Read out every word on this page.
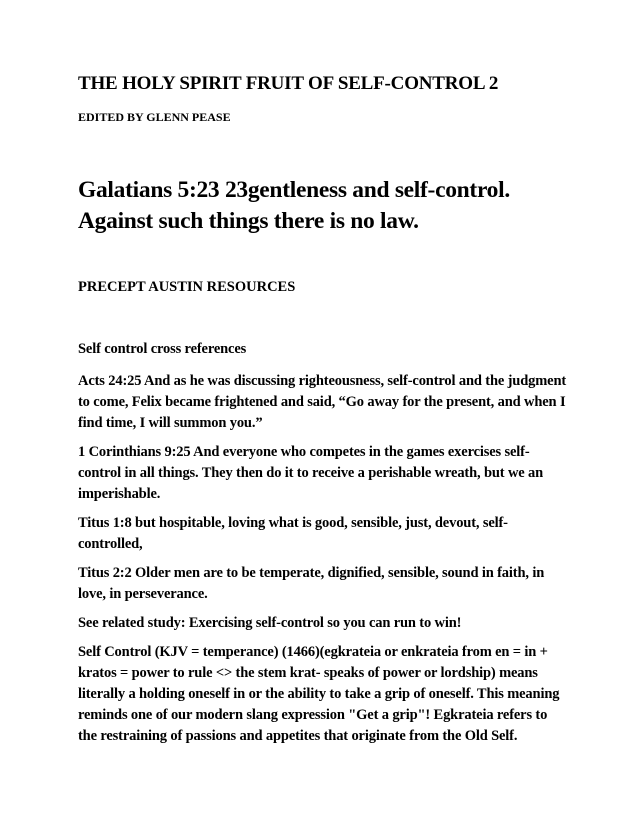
THE HOLY SPIRIT FRUIT OF SELF-CONTROL 2
EDITED BY GLENN PEASE
Galatians 5:23 23gentleness and self-control. Against such things there is no law.
PRECEPT AUSTIN RESOURCES

Self control cross references

Acts 24:25 And as he was discussing righteousness, self-control and the judgment to come, Felix became frightened and said, “Go away for the present, and when I find time, I will summon you.”

1 Corinthians 9:25 And everyone who competes in the games exercises self-control in all things. They then do it to receive a perishable wreath, but we an imperishable.

Titus 1:8 but hospitable, loving what is good, sensible, just, devout, self-controlled,

Titus 2:2 Older men are to be temperate, dignified, sensible, sound in faith, in love, in perseverance.

See related study: Exercising self-control so you can run to win!

Self Control (KJV = temperance) (1466)(egkrateia or enkrateia from en = in + kratos = power to rule <> the stem krat- speaks of power or lordship) means literally a holding oneself in or the ability to take a grip of oneself. This meaning reminds one of our modern slang expression "Get a grip"! Egkrateia refers to the restraining of passions and appetites that originate from the Old Self.
